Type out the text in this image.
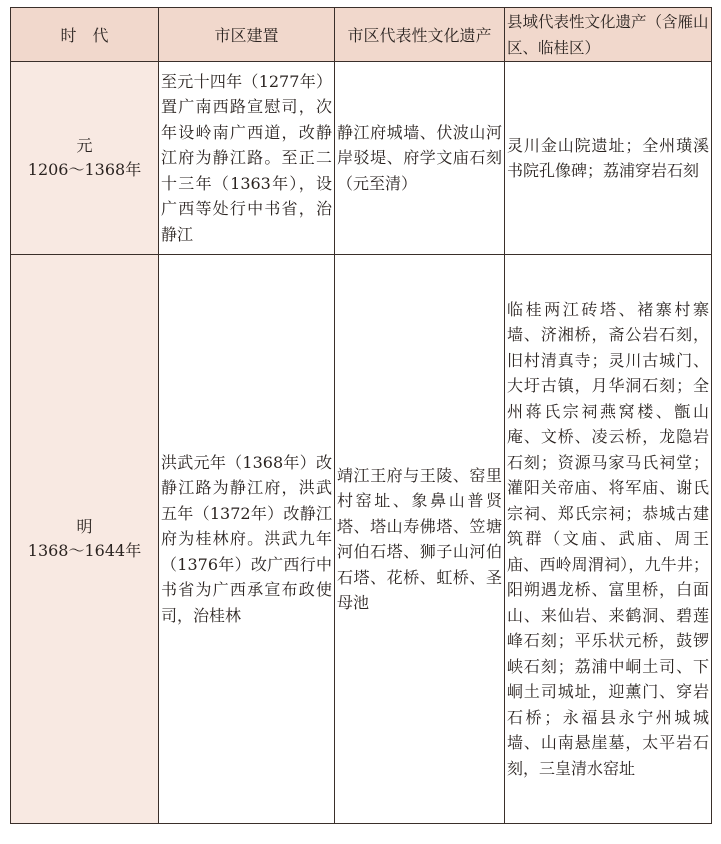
时　代	市区建置	市区代表性文化遗产	县域代表性文化遗产（含雁山区、临桂区）

元
1206～1368年	至元十四年（1277年）置广南西路宣慰司，次年设岭南广西道，改静江府为静江路。至正二十三年（1363年），设广西等处行中书省，治静江	静江府城墙、伏波山河岸驳堤、府学文庙石刻（元至清）	灵川金山院遗址；全州璜溪书院孔像碑；荔浦穿岩石刻

明
1368～1644年	洪武元年（1368年）改静江路为静江府，洪武五年（1372年）改静江府为桂林府。洪武九年（1376年）改广西行中书省为广西承宣布政使司，治桂林	靖江王府与王陵、窑里村窑址、象鼻山普贤塔、塔山寿佛塔、笠塘河伯石塔、狮子山河伯石塔、花桥、虹桥、圣母池	临桂两江砖塔、褚寨村寨墙、济湘桥，斋公岩石刻，旧村清真寺；灵川古城门、大圩古镇，月华洞石刻；全州蒋氏宗祠燕窝楼、甑山庵、文桥、凌云桥，龙隐岩石刻；资源马家马氏祠堂；灌阳关帝庙、将军庙、谢氏宗祠、郑氏宗祠；恭城古建筑群（文庙、武庙、周王庙、西岭周渭祠），九牛井；阳朔遇龙桥、富里桥，白面山、来仙岩、来鹤洞、碧莲峰石刻；平乐状元桥，鼓锣峡石刻；荔浦中峒土司、下峒土司城址，迎薰门、穿岩石桥；永福县永宁州城城墙、山南悬崖墓，太平岩石刻，三皇清水窑址
